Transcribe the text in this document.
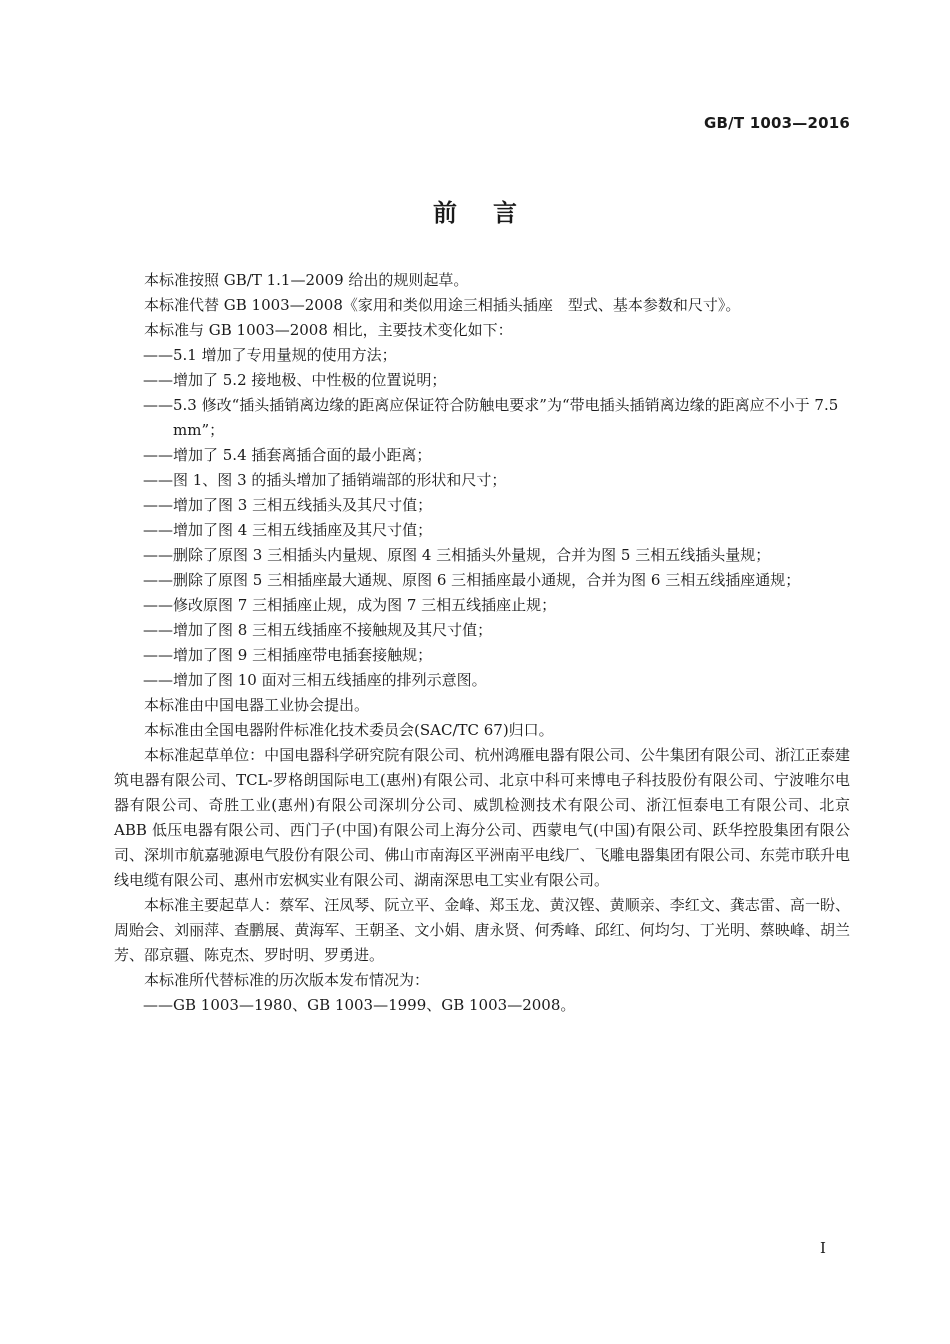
GB/T 1003—2016
前言

本标准按照 GB/T 1.1—2009 给出的规则起草。

本标准代替 GB 1003—2008《家用和类似用途三相插头插座　型式、基本参数和尺寸》。

本标准与 GB 1003—2008 相比，主要技术变化如下：

——5.1 增加了专用量规的使用方法；

——增加了 5.2 接地极、中性极的位置说明；

——5.3 修改“插头插销离边缘的距离应保证符合防触电要求”为“带电插头插销离边缘的距离应不小于 7.5 mm”；

——增加了 5.4 插套离插合面的最小距离；

——图 1、图 3 的插头增加了插销端部的形状和尺寸；

——增加了图 3 三相五线插头及其尺寸值；

——增加了图 4 三相五线插座及其尺寸值；

——删除了原图 3 三相插头内量规、原图 4 三相插头外量规，合并为图 5 三相五线插头量规；

——删除了原图 5 三相插座最大通规、原图 6 三相插座最小通规，合并为图 6 三相五线插座通规；

——修改原图 7 三相插座止规，成为图 7 三相五线插座止规；

——增加了图 8 三相五线插座不接触规及其尺寸值；

——增加了图 9 三相插座带电插套接触规；

——增加了图 10 面对三相五线插座的排列示意图。

本标准由中国电器工业协会提出。

本标准由全国电器附件标准化技术委员会(SAC/TC 67)归口。

本标准起草单位：中国电器科学研究院有限公司、杭州鸿雁电器有限公司、公牛集团有限公司、浙江正泰建筑电器有限公司、TCL-罗格朗国际电工(惠州)有限公司、北京中科可来博电子科技股份有限公司、宁波唯尔电器有限公司、奇胜工业(惠州)有限公司深圳分公司、威凯检测技术有限公司、浙江恒泰电工有限公司、北京 ABB 低压电器有限公司、西门子(中国)有限公司上海分公司、西蒙电气(中国)有限公司、跃华控股集团有限公司、深圳市航嘉驰源电气股份有限公司、佛山市南海区平洲南平电线厂、飞雕电器集团有限公司、东莞市联升电线电缆有限公司、惠州市宏枫实业有限公司、湖南深思电工实业有限公司。

本标准主要起草人：蔡军、汪凤琴、阮立平、金峰、郑玉龙、黄汉铿、黄顺亲、李红文、龚志雷、高一盼、周贻会、刘丽萍、查鹏展、黄海军、王朝圣、文小娟、唐永贤、何秀峰、邱红、何均匀、丁光明、蔡映峰、胡兰芳、邵京疆、陈克杰、罗时明、罗勇进。

本标准所代替标准的历次版本发布情况为：

——GB 1003—1980、GB 1003—1999、GB 1003—2008。

I
